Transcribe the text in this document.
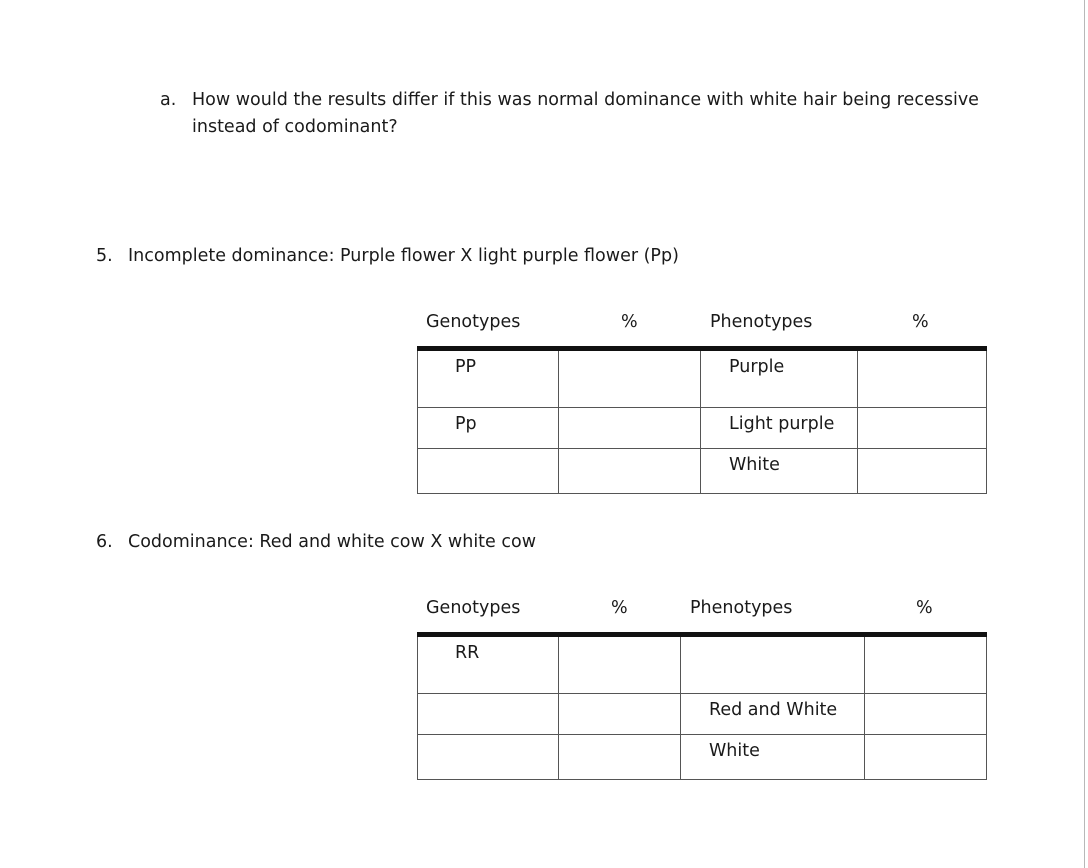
a. How would the results differ if this was normal dominance with white hair being recessive
instead of codominant?
5. Incomplete dominance: Purple flower X light purple flower (Pp)
Genotypes	%	Phenotypes	%
PP		Purple	
Pp		Light purple	
		White	
6. Codominance: Red and white cow X white cow
Genotypes	%	Phenotypes	%
RR			
		Red and White	
		White	
